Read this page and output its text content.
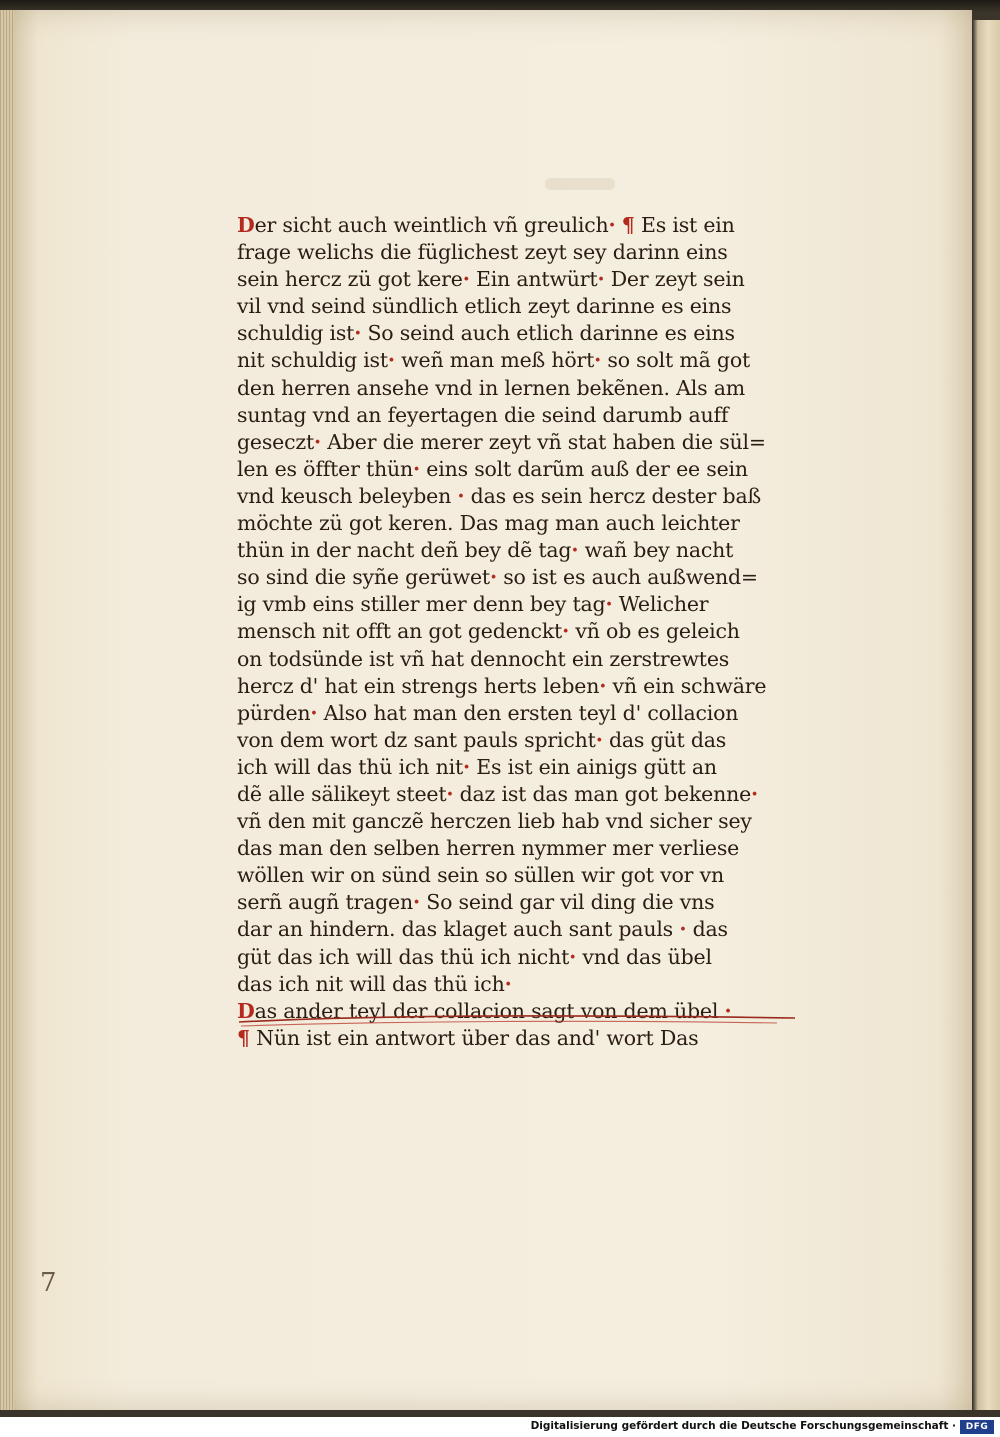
Der sicht auch weintlich vñ greulich· ¶ Es ist ein
frage welichs die füglichest zeyt sey darinn eins
sein hercz zü got kere· Ein antwürt· Der zeyt sein
vil vnd seind sündlich etlich zeyt darinne es eins
schuldig ist· So seind auch etlich darinne es eins
nit schuldig ist· weñ man meß hört· so solt mã got
den herren ansehe vnd in lernen bekẽnen. Als am
suntag vnd an feyertagen die seind darumb auff
geseczt· Aber die merer zeyt vñ stat haben die sül=
len es öffter thün· eins solt darũm auß der ee sein
vnd keusch beleyben · das es sein hercz dester baß
möchte zü got keren. Das mag man auch leichter
thün in der nacht deñ bey dẽ tag· wañ bey nacht
so sind die syñe gerüwet· so ist es auch außwend=
ig vmb eins stiller mer denn bey tag· Welicher
mensch nit offt an got gedenckt· vñ ob es geleich
on todsünde ist vñ hat dennocht ein zerstrewtes
hercz d' hat ein strengs herts leben· vñ ein schwäre
pürden· Also hat man den ersten teyl d' collacion
von dem wort dz sant pauls spricht· das güt das
ich will das thü ich nit· Es ist ein ainigs gütt an
dẽ alle sälikeyt steet· daz ist das man got bekenne·
vñ den mit ganczẽ herczen lieb hab vnd sicher sey
das man den selben herren nymmer mer verliese
wöllen wir on sünd sein so süllen wir got vor vn
serñ augñ tragen· So seind gar vil ding die vns
dar an hindern. das klaget auch sant pauls · das
güt das ich will das thü ich nicht· vnd das übel
das ich nit will das thü ich·
Das ander teyl der collacion sagt von dem übel ·
¶ Nün ist ein antwort über das and' wort Das
7
Digitalisierung gefördert durch die Deutsche Forschungsgemeinschaft ·	DFG
